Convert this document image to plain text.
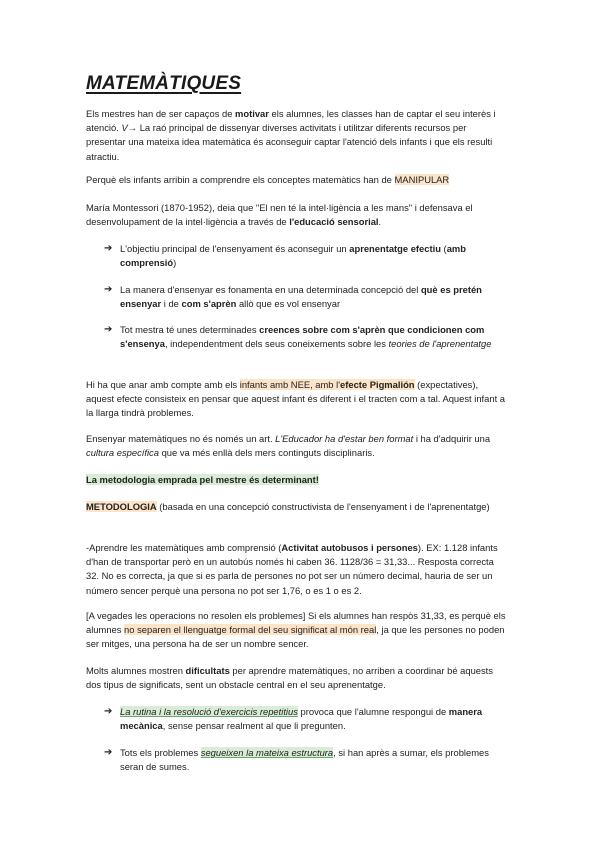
MATEMÀTIQUES
Els mestres han de ser capaços de motivar els alumnes, les classes han de captar el seu interès i atenció. V→ La raó principal de dissenyar diverses activitats i utilitzar diferents recursos per presentar una mateixa idea matemàtica és aconseguir captar l'atenció dels infants i que els resulti atractiu.
Perquè els infants arribin a comprendre els conceptes matemàtics han de MANIPULAR
María Montessori (1870-1952), deia que "El nen té la intel·ligència a les mans" i defensava el desenvolupament de la intel·ligència a través de l'educació sensorial.
➔ L'objectiu principal de l'ensenyament és aconseguir un aprenentatge efectiu (amb comprensió)
➔ La manera d'ensenyar es fonamenta en una determinada concepció del què es pretén ensenyar i de com s'aprèn allò que es vol ensenyar
➔ Tot mestra té unes determinades creences sobre com s'aprèn que condicionen com s'ensenya, independentment dels seus coneixements sobre les teories de l'aprenentatge
Hi ha que anar amb compte amb els infants amb NEE, amb l'efecte Pigmalión (expectatives), aquest efecte consisteix en pensar que aquest infant és diferent i el tracten com a tal. Aquest infant a la llarga tindrà problemes.
Ensenyar matemàtiques no és només un art. L'Educador ha d'estar ben format i ha d'adquirir una cultura específica que va més enllà dels mers continguts disciplinaris.
La metodologia emprada pel mestre és determinant!
METODOLOGIA (basada en una concepció constructivista de l'ensenyament i de l'aprenentatge)
-Aprendre les matemàtiques amb comprensió (Activitat autobusos i persones). EX: 1.128 infants d'han de transportar però en un autobús només hi caben 36. 1128/36 = 31,33... Resposta correcta 32. No es correcta, ja que si es parla de persones no pot ser un número decimal, hauria de ser un número sencer perquè una persona no pot ser 1,76, o es 1 o es 2.
[A vegades les operacions no resolen els problemes] Si els alumnes han respòs 31,33, es perquè els alumnes no separen el llenguatge formal del seu significat al món real, ja que les persones no poden ser mitges, una persona ha de ser un nombre sencer.
Molts alumnes mostren dificultats per aprendre matemàtiques, no arriben a coordinar bé aquests dos tipus de significats, sent un obstacle central en el seu aprenentatge.
➔ La rutina i la resolució d'exercicis repetitius provoca que l'alumne respongui de manera mecànica, sense pensar realment al que li pregunten.
➔ Tots els problemes segueixen la mateixa estructura, si han après a sumar, els problemes seran de sumes.
